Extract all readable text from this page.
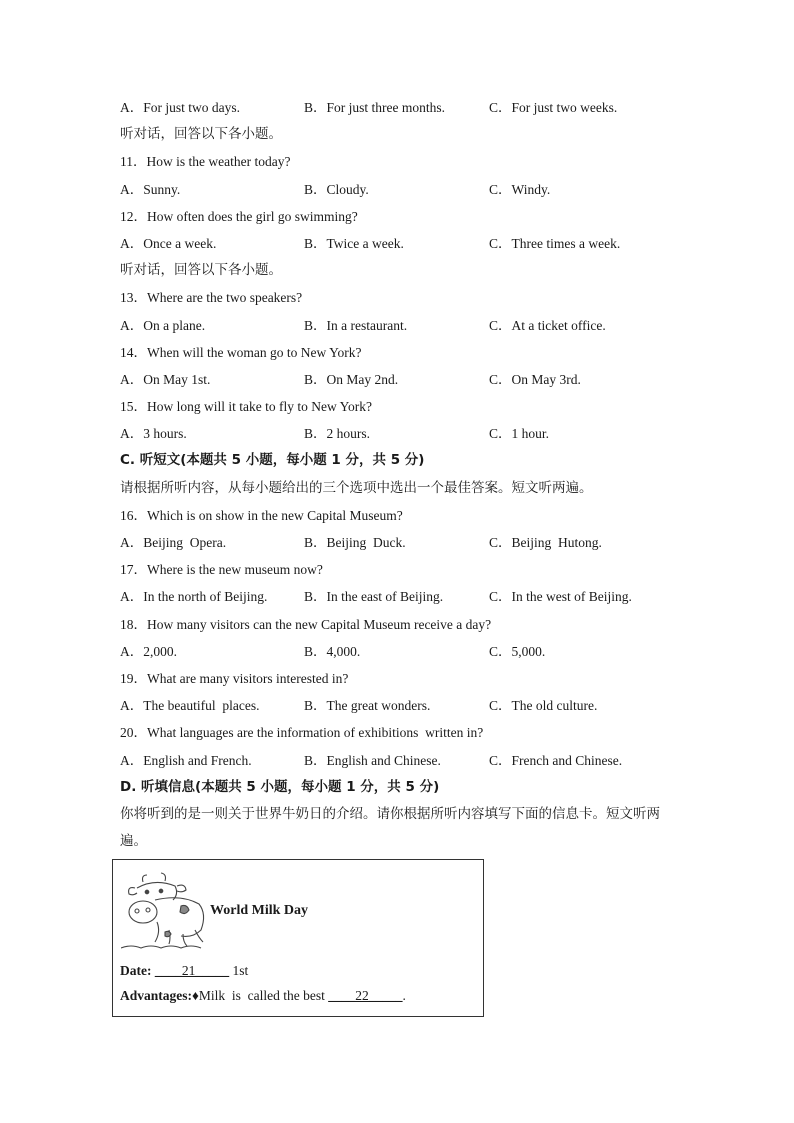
A．For just two days.	B．For just three months.	C．For just two weeks.
听对话，回答以下各小题。
11．How is the weather today?
A．Sunny.	B．Cloudy.	C．Windy.
12．How often does the girl go swimming?
A．Once a week.	B．Twice a week.	C．Three times a week.
听对话，回答以下各小题。
13．Where are the two speakers?
A．On a plane.	B．In a restaurant.	C．At a ticket office.
14．When will the woman go to New York?
A．On May 1st.	B．On May 2nd.	C．On May 3rd.
15．How long will it take to fly to New York?
A．3 hours.	B．2 hours.	C．1 hour.
C. 听短文(本题共 5 小题，每小题 1 分，共 5 分)
请根据所听内容，从每小题给出的三个选项中选出一个最佳答案。短文听两遍。
16．Which is on show in the new Capital Museum?
A．Beijing  Opera.	B．Beijing  Duck.	C．Beijing  Hutong.
17．Where is the new museum now?
A．In the north of Beijing.	B．In the east of Beijing.	C．In the west of Beijing.
18．How many visitors can the new Capital Museum receive a day?
A．2,000.	B．4,000.	C．5,000.
19．What are many visitors interested in?
A．The beautiful  places.	B．The great wonders.	C．The old culture.
20．What languages are the information of exhibitions  written in?
A．English and French.	B．English and Chinese.	C．French and Chinese.
D. 听填信息(本题共 5 小题，每小题 1 分，共 5 分)
你将听到的是一则关于世界牛奶日的介绍。请你根据所听内容填写下面的信息卡。短文听两遍。
World Milk Day
Date: ____21_____ 1st
Advantages:♦Milk  is  called the best ____22_____.
